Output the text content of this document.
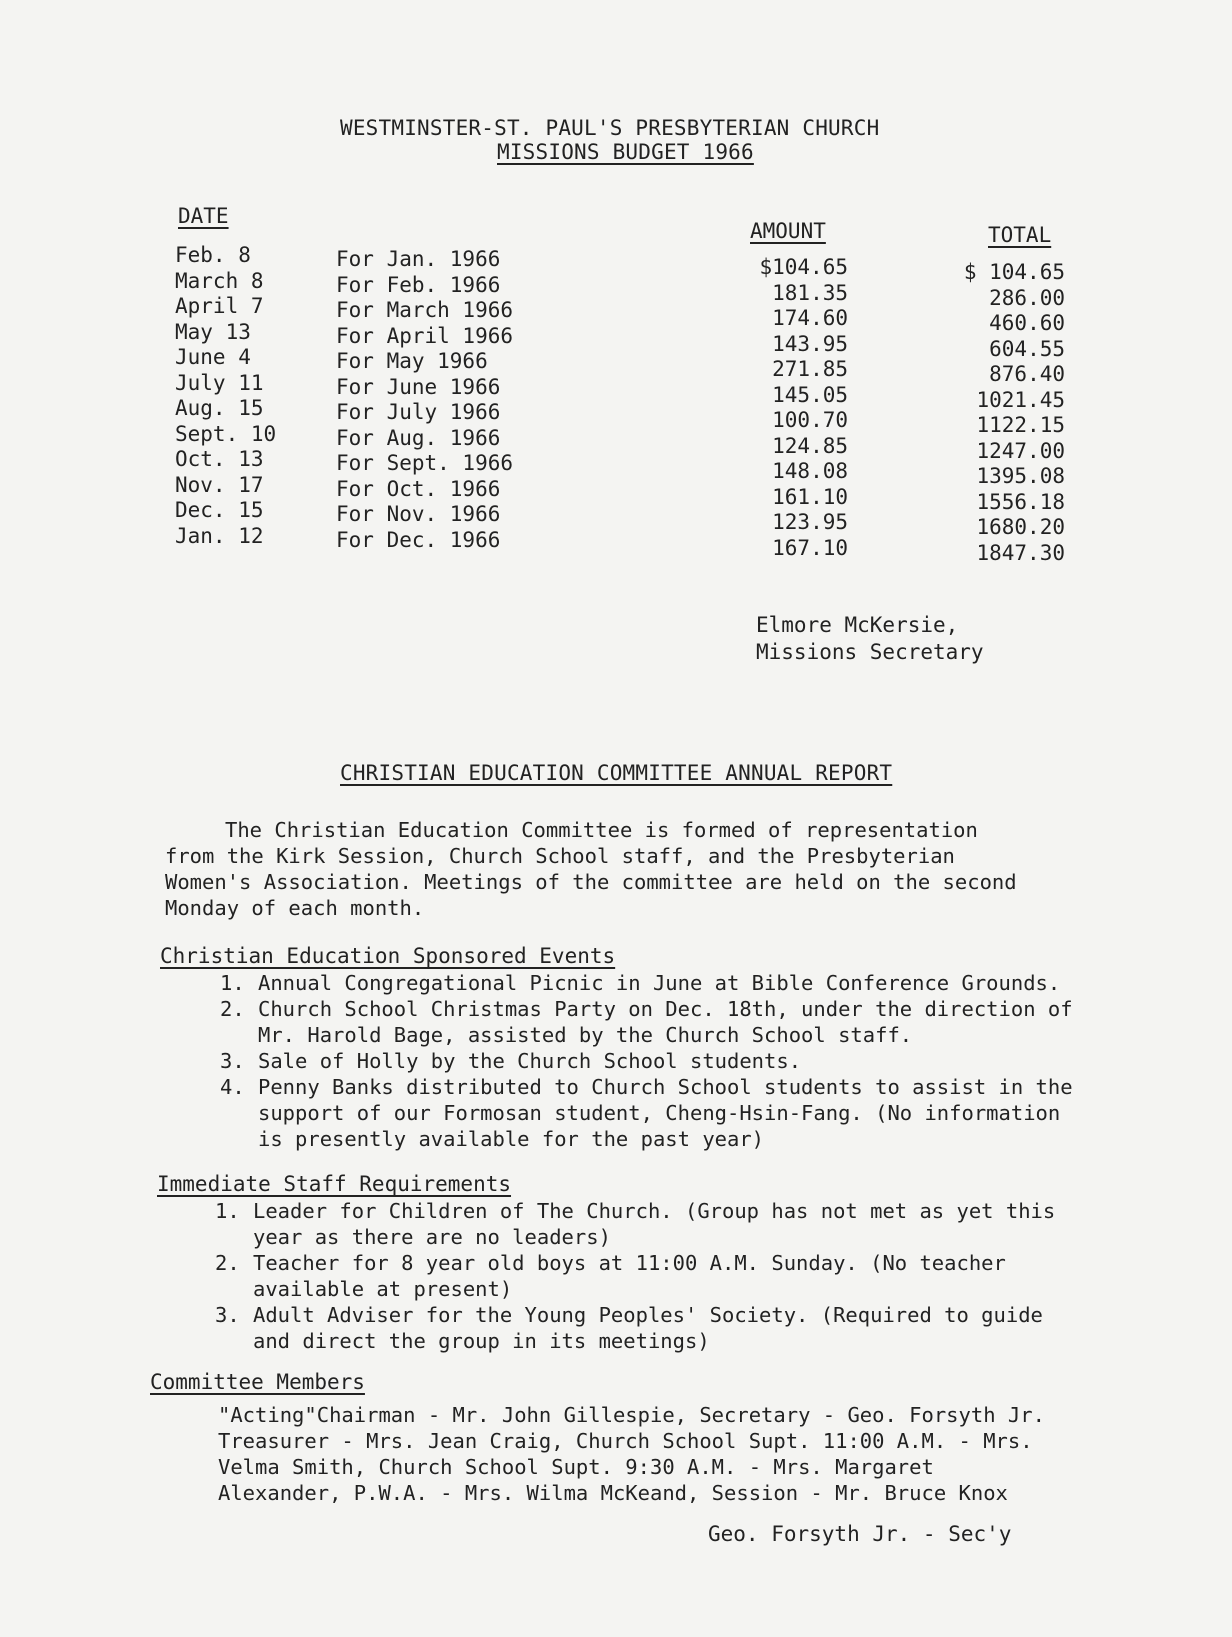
WESTMINSTER-ST. PAUL'S PRESBYTERIAN CHURCH
MISSIONS BUDGET 1966
DATE
AMOUNT	TOTAL
Feb. 8
March 8
April 7
May 13
June 4
July 11
Aug. 15
Sept. 10
Oct. 13
Nov. 17
Dec. 15
Jan. 12
For Jan. 1966
For Feb. 1966
For March 1966
For April 1966
For May 1966
For June 1966
For July 1966
For Aug. 1966
For Sept. 1966
For Oct. 1966
For Nov. 1966
For Dec. 1966
$104.65
181.35
174.60
143.95
271.85
145.05
100.70
124.85
148.08
161.10
123.95
167.10
$ 104.65
286.00
460.60
604.55
876.40
1021.45
1122.15
1247.00
1395.08
1556.18
1680.20
1847.30
Elmore McKersie,
Missions Secretary
CHRISTIAN EDUCATION COMMITTEE ANNUAL REPORT
The Christian Education Committee is formed of representation from the Kirk Session, Church School staff, and the Presbyterian Women's Association. Meetings of the committee are held on the second Monday of each month.
Christian Education Sponsored Events
1. Annual Congregational Picnic in June at Bible Conference Grounds.
2. Church School Christmas Party on Dec. 18th, under the direction of Mr. Harold Bage, assisted by the Church School staff.
3. Sale of Holly by the Church School students.
4. Penny Banks distributed to Church School students to assist in the support of our Formosan student, Cheng-Hsin-Fang. (No information is presently available for the past year)
Immediate Staff Requirements
1. Leader for Children of The Church. (Group has not met as yet this year as there are no leaders)
2. Teacher for 8 year old boys at 11:00 A.M. Sunday. (No teacher available at present)
3. Adult Adviser for the Young Peoples' Society. (Required to guide and direct the group in its meetings)
Committee Members
"Acting"Chairman - Mr. John Gillespie, Secretary - Geo. Forsyth Jr. Treasurer - Mrs. Jean Craig, Church School Supt. 11:00 A.M. - Mrs. Velma Smith, Church School Supt. 9:30 A.M. - Mrs. Margaret Alexander, P.W.A. - Mrs. Wilma McKeand, Session - Mr. Bruce Knox
Geo. Forsyth Jr. - Sec'y
